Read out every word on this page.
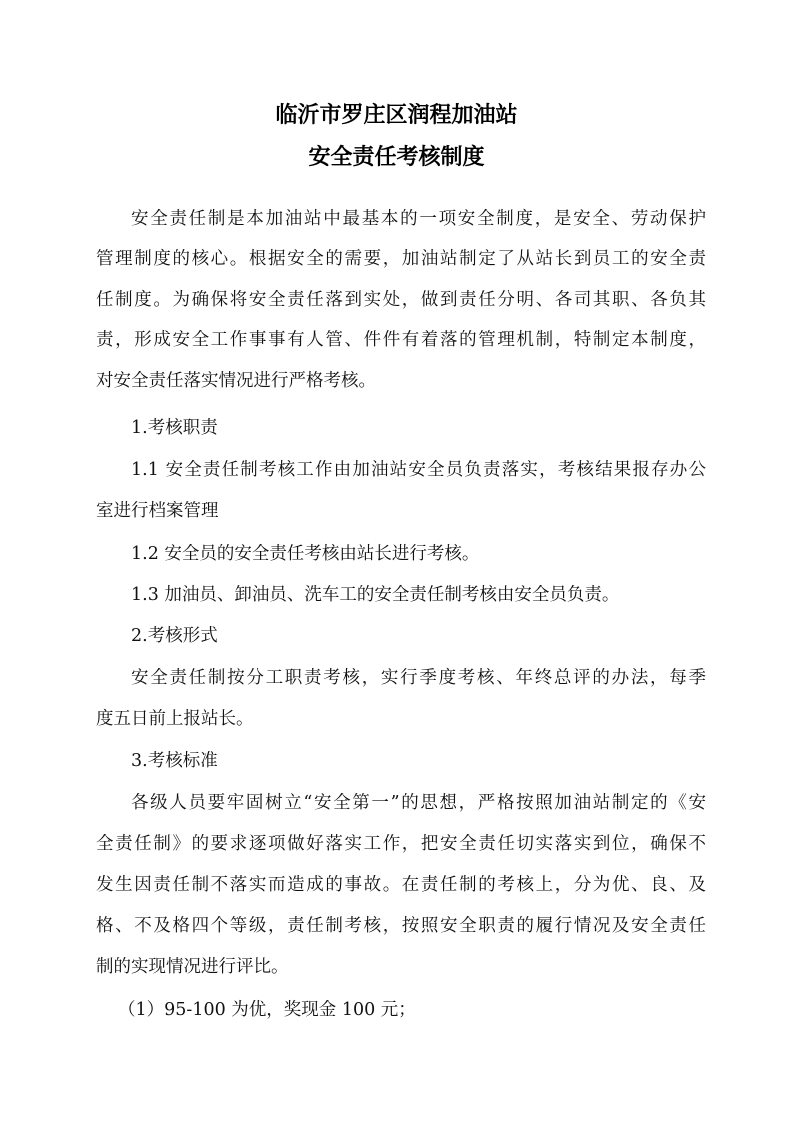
临沂市罗庄区润程加油站
安全责任考核制度
安全责任制是本加油站中最基本的一项安全制度，是安全、劳动保护
管理制度的核心。根据安全的需要，加油站制定了从站长到员工的安全责
任制度。为确保将安全责任落到实处，做到责任分明、各司其职、各负其
责，形成安全工作事事有人管、件件有着落的管理机制，特制定本制度，
对安全责任落实情况进行严格考核。
1.考核职责
1.1 安全责任制考核工作由加油站安全员负责落实，考核结果报存办公
室进行档案管理
1.2 安全员的安全责任考核由站长进行考核。
1.3 加油员、卸油员、洗车工的安全责任制考核由安全员负责。
2.考核形式
安全责任制按分工职责考核，实行季度考核、年终总评的办法，每季
度五日前上报站长。
3.考核标准
各级人员要牢固树立“安全第一”的思想，严格按照加油站制定的《安
全责任制》的要求逐项做好落实工作，把安全责任切实落实到位，确保不
发生因责任制不落实而造成的事故。在责任制的考核上，分为优、良、及
格、不及格四个等级，责任制考核，按照安全职责的履行情况及安全责任
制的实现情况进行评比。
（1）95-100 为优，奖现金 100 元；
